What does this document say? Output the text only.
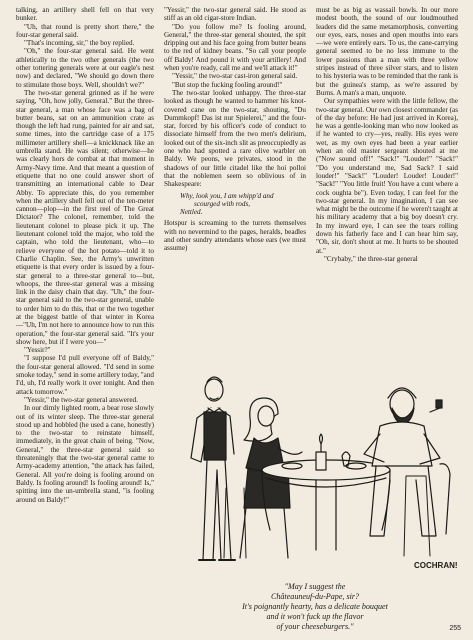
talking, an artillery shell fell on that very bunker.

"Uh, that round is pretty short there," the four-star general said.

"That's incoming, sir," the boy replied.

"Oh," the four-star general said. He went athletically to the two other generals (the two other tottering generals were at our eagle's nest now) and declared, "We should go down there to stimulate those boys. Well, shouldn't we?"

The two-star general grinned as if he were saying, "Oh, how jolly, General." But the three-star general, a man whose face was a bag of butter beans, sat on an ammunition crate as though the left had rung, painted for air and sat, some times, into the cartridge case of a 175 millimeter artillery shell—a knickknack like an umbrella stand. He was silent; otherwise—he was clearly hors de combat at that moment in Army-Navy time. And that meant a question of etiquette that no one could answer short of transmitting an international cable to Dear Abby. To appreciate this, do you remember when the artillery shell fell out of the ten-meter cannon—plop—in the first reel of The Great Dictator? The colonel, remember, told the lieutenant colonel to please pick it up. The lieutenant colonel told the major, who told the captain, who told the lieutenant, who—to relieve everyone of the hot potato—told it to Charlie Chaplin. See, the Army's unwritten etiquette is that every order is issued by a four-star general to a three-star general to—but, whoops, the three-star general was a missing link in the daisy chain that day. "Uh," the four-star general said to the two-star general, unable to order him to do this, that or the two together at the biggest battle of that winter in Korea—"Uh, I'm not here to announce how to run this operation," the four-star general said. "It's your show here, but if I were you—"

"Yessir?"

"I suppose I'd pull everyone off of Baldy," the four-star general allowed. "I'd send in some smoke today," send in some artillery today, "and I'd, uh, I'd really work it over tonight. And then attack tomorrow."

"Yessir," the two-star general answered.

In our dimly lighted room, a bear rose slowly out of its winter sleep. The three-star general stood up and hobbled (he used a cane, honestly) to the two-star to reinstate himself, immediately, in the great chain of being. "Now, General," the three-star general said so threateningly that the two-star general came to Army-academy attention, "the attack has failed, General. All you're doing is fooling around on Baldy. Is fooling around! Is fooling around! Is," spitting into the un-umbrella stand, "is fooling around on Baldy!"

"Yessir," the two-star general said. He stood as stiff as an old cigar-store Indian.

"Do you follow me? Is fooling around, General," the three-star general shouted, the spit dripping out and his face going from butter beans to the red of kidney beans. "So call your people off Baldy! And pound it with your artillery! And when you're ready, call me and we'll attack it!"

"Yessir," the two-star cast-iron general said.

"But stop the fucking fooling around!"

The two-star looked unhappy. The three-star looked as though he wanted to hammer his knot-covered cane on the two-star, shouting, "Du Dummkopf! Das ist nur Spielerei," and the four-star, forced by his officer's code of conduct to dissociate himself from the two men's delirium, looked out of the six-inch slit as preoccupiedly as one who had spotted a rare olive warbler on Baldy. We peons, we privates, stood in the shadows of our little citadel like the hoi polloi that the noblemen seem so oblivious of in Shakespeare:

Why, look you, I am whipp'd and
scourged with rods,
Nettled.

Hotspur is screaming to the turrets themselves with no nevermind to the pages, heralds, beadles and other sundry attendants whose ears (we must assume)

must be as big as wassail bowls. In our more modest booth, the sound of our loudmouthed leaders did the same metamorphosis, converting our eyes, ears, noses and open mouths into ears—we were entirely ears. To us, the cane-carrying general seemed to be no less immune to the lower passions than a man with three yellow stripes instead of three silver stars, and to listen to his hysteria was to be reminded that the rank is but the guinea's stamp, as we're assured by Burns. A man's a man, unquote.

Our sympathies were with the little fellow, the two-star general. Our own closest commander (as of the day before: He had just arrived in Korea), he was a gentle-looking man who now looked as if he wanted to cry—yes, really. His eyes were wet, as my own eyes had been a year earlier when an old master sergeant shouted at me ("Now sound off!" "Sack!" "Louder!" "Sack!" "Do you understand me, Sad Sack? I said louder!" "Sack!" "Louder! Louder! Louder!" "Sack!" "You little fruit! You have a cunt where a cock oughta be"). Even today, I can feel for the two-star general. In my imagination, I can see what might be the outcome if he weren't taught at his military academy that a big boy doesn't cry. In my inward eye, I can see the tears rolling down his fatherly face and I can hear him say, "Oh, sir, don't shout at me. It hurts to be shouted at."

"Crybaby," the three-star general

COCHRAN!
"May I suggest the
Châteauneuf-du-Pape, sir?
It's poignantly hearty, has a delicate bouquet
and it won't fuck up the flavor
of your cheeseburgers."	255
